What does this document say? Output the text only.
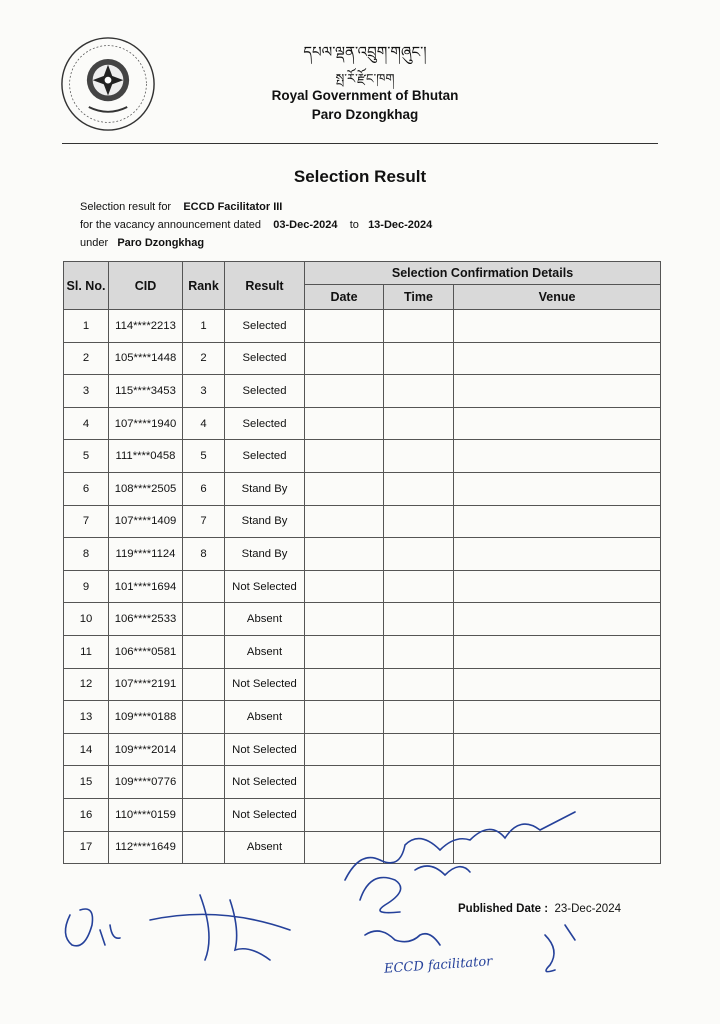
དཔལ་ལྡན་འབྲུག་གཞུང་།
སྤ་རོ་རྫོང་ཁག
Royal Government of Bhutan
Paro Dzongkhag
Selection Result
Selection result for ECCD Facilitator III
for the vacancy announcement dated 03-Dec-2024 to 13-Dec-2024
under Paro Dzongkhag
Sl. No.	CID	Rank	Result	Selection Confirmation Details		
				Date	Time	Venue
1	114****2213	1	Selected			
2	105****1448	2	Selected			
3	115****3453	3	Selected			
4	107****1940	4	Selected			
5	111****0458	5	Selected			
6	108****2505	6	Stand By			
7	107****1409	7	Stand By			
8	119****1124	8	Stand By			
9	101****1694		Not Selected			
10	106****2533		Absent			
11	106****0581		Absent			
12	107****2191		Not Selected			
13	109****0188		Absent			
14	109****2014		Not Selected			
15	109****0776		Not Selected			
16	110****0159		Not Selected			
17	112****1649		Absent			
Published Date : 23-Dec-2024
ECCD facilitator
